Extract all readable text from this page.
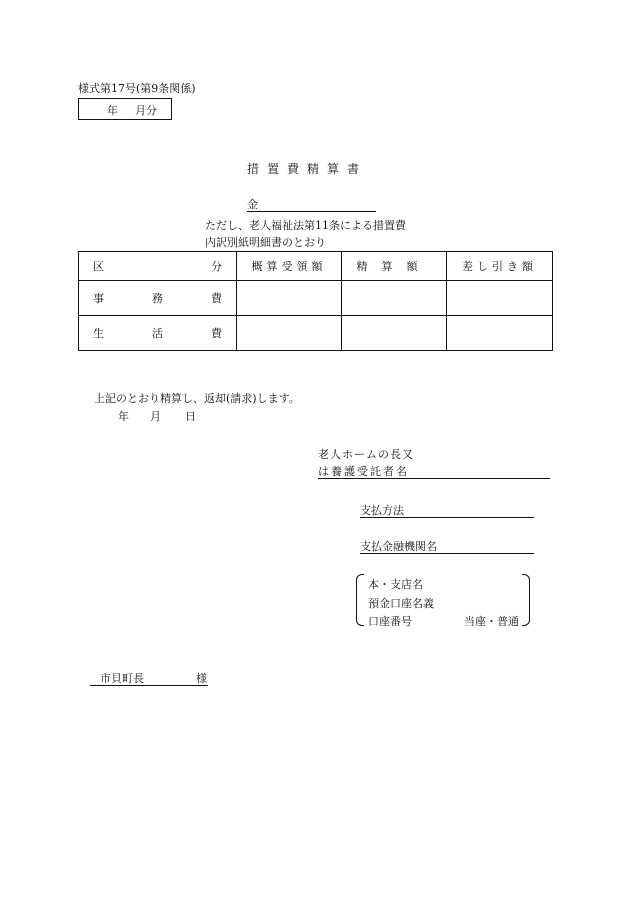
様式第17号(第9条関係)
年 月分
措置費精算書
金
ただし、老人福祉法第11条による措置費
内訳別紙明細書のとおり
区 分	概算受領額	精算額	差し引き額

事 務 費			

生 活 費			

上記のとおり精算し、返却(請求)します。
年 月 日
老人ホームの長又
は養護受託者名
支払方法
支払金融機関名
本・支店名
預金口座名義
口座番号	当座・普通
市貝町長	様
